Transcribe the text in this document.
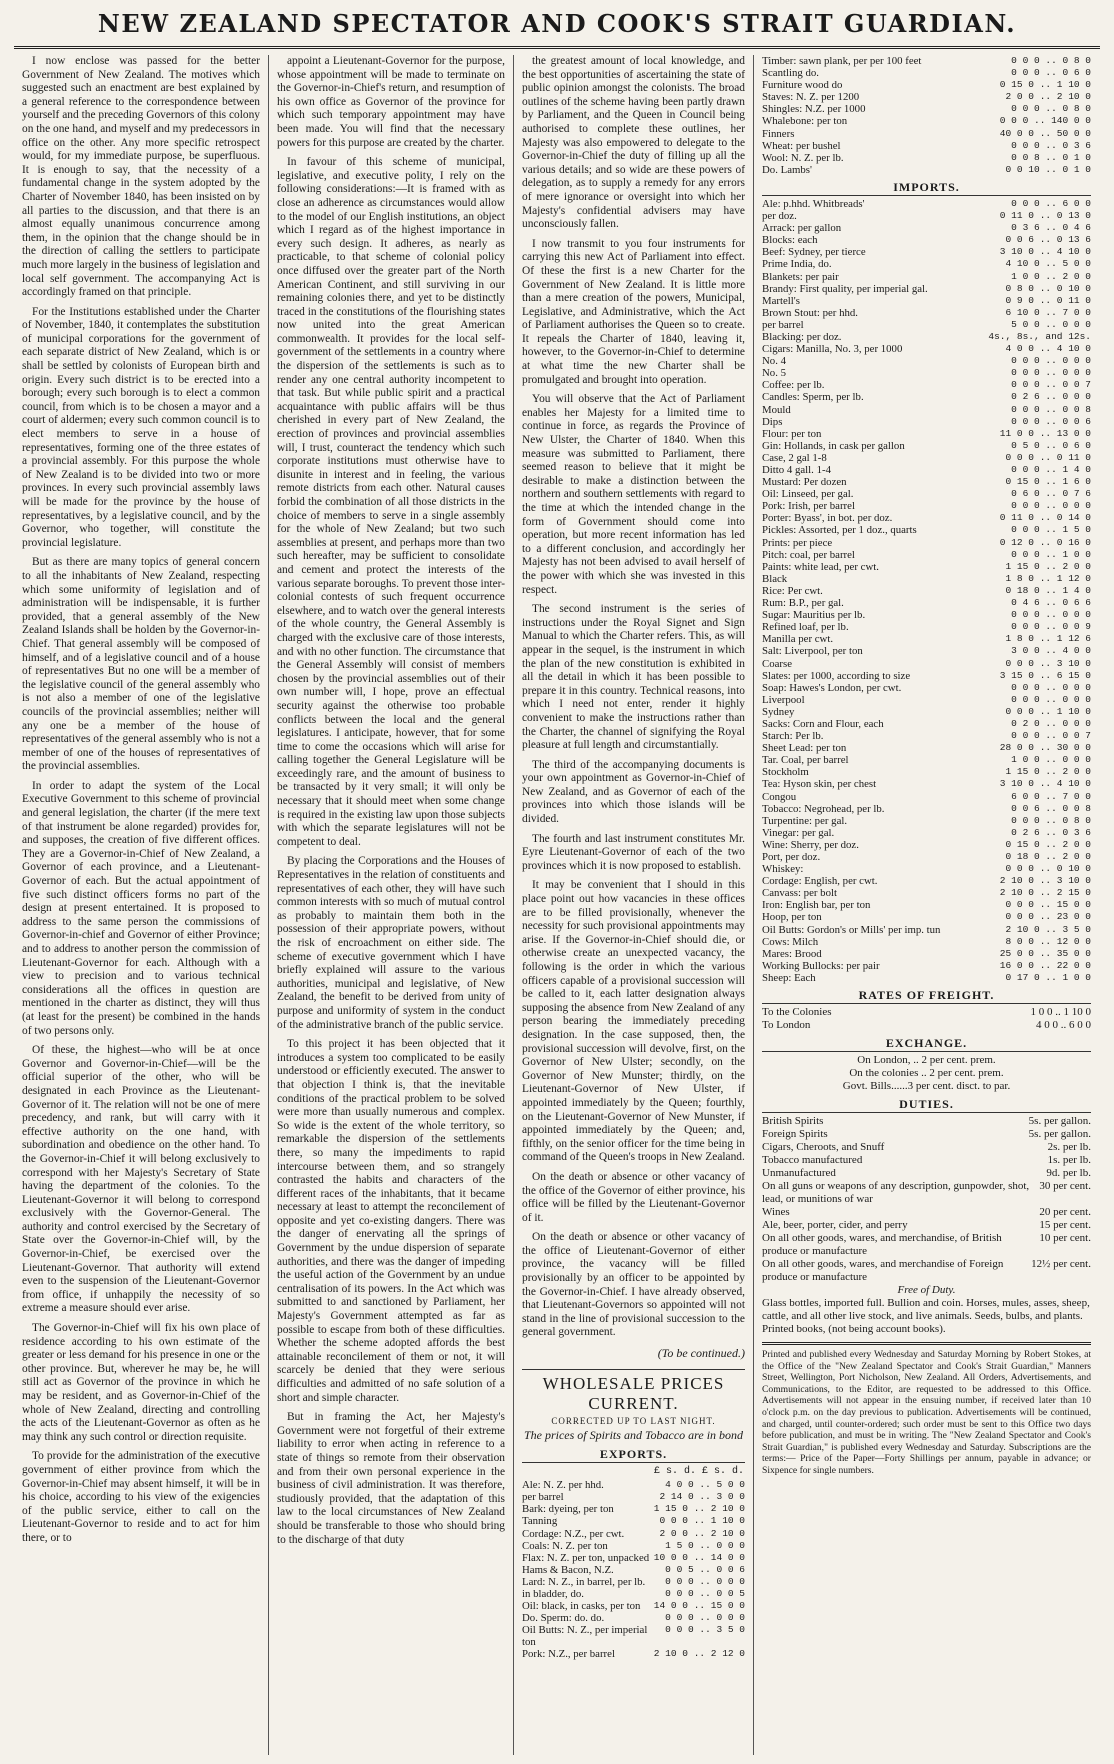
NEW ZEALAND SPECTATOR AND COOK'S STRAIT GUARDIAN.

I now enclose was passed for the better Government of New Zealand. The motives which suggested such an enactment are best explained by a general reference to the correspondence between yourself and the preceding Governors of this colony on the one hand, and myself and my predecessors in office on the other. Any more specific retrospect would, for my immediate purpose, be superfluous. It is enough to say, that the necessity of a fundamental change in the system adopted by the Charter of November 1840, has been insisted on by all parties to the discussion, and that there is an almost equally unanimous concurrence among them, in the opinion that the change should be in the direction of calling the settlers to participate much more largely in the business of legislation and local self government. The accompanying Act is accordingly framed on that principle.

For the Institutions established under the Charter of November, 1840, it contemplates the substitution of municipal corporations for the government of each separate district of New Zealand, which is or shall be settled by colonists of European birth and origin. Every such district is to be erected into a borough; every such borough is to elect a common council, from which is to be chosen a mayor and a court of aldermen; every such common council is to elect members to serve in a house of representatives, forming one of the three estates of a provincial assembly. For this purpose the whole of New Zealand is to be divided into two or more provinces. In every such provincial assembly laws will be made for the province by the house of representatives, by a legislative council, and by the Governor, who together, will constitute the provincial legislature.

But as there are many topics of general concern to all the inhabitants of New Zealand, respecting which some uniformity of legislation and of administration will be indispensable, it is further provided, that a general assembly of the New Zealand Islands shall be holden by the Governor-in-Chief. That general assembly will be composed of himself, and of a legislative council and of a house of representatives But no one will be a member of the legislative council of the general assembly who is not also a member of one of the legislative councils of the provincial assemblies; neither will any one be a member of the house of representatives of the general assembly who is not a member of one of the houses of representatives of the provincial assemblies.

In order to adapt the system of the Local Executive Government to this scheme of provincial and general legislation, the charter (if the mere text of that instrument be alone regarded) provides for, and supposes, the creation of five different offices. They are a Governor-in-Chief of New Zealand, a Governor of each province, and a Lieutenant-Governor of each. But the actual appointment of five such distinct officers forms no part of the design at present entertained. It is proposed to address to the same person the commissions of Governor-in-chief and Governor of either Province; and to address to another person the commission of Lieutenant-Governor for each. Although with a view to precision and to various technical considerations all the offices in question are mentioned in the charter as distinct, they will thus (at least for the present) be combined in the hands of two persons only.

Of these, the highest—who will be at once Governor and Governor-in-Chief—will be the official superior of the other, who will be designated in each Province as the Lieutenant-Governor of it. The relation will not be one of mere precedency, and rank, but will carry with it effective authority on the one hand, with subordination and obedience on the other hand. To the Governor-in-Chief it will belong exclusively to correspond with her Majesty's Secretary of State having the department of the colonies. To the Lieutenant-Governor it will belong to correspond exclusively with the Governor-General. The authority and control exercised by the Secretary of State over the Governor-in-Chief will, by the Governor-in-Chief, be exercised over the Lieutenant-Governor. That authority will extend even to the suspension of the Lieutenant-Governor from office, if unhappily the necessity of so extreme a measure should ever arise.

The Governor-in-Chief will fix his own place of residence according to his own estimate of the greater or less demand for his presence in one or the other province. But, wherever he may be, he will still act as Governor of the province in which he may be resident, and as Governor-in-Chief of the whole of New Zealand, directing and controlling the acts of the Lieutenant-Governor as often as he may think any such control or direction requisite.

To provide for the administration of the executive government of either province from which the Governor-in-Chief may absent himself, it will be in his choice, according to his view of the exigencies of the public service, either to call on the Lieutenant-Governor to reside and to act for him there, or to

appoint a Lieutenant-Governor for the purpose, whose appointment will be made to terminate on the Governor-in-Chief's return, and resumption of his own office as Governor of the province for which such temporary appointment may have been made. You will find that the necessary powers for this purpose are created by the charter.

In favour of this scheme of municipal, legislative, and executive polity, I rely on the following considerations:—It is framed with as close an adherence as circumstances would allow to the model of our English institutions, an object which I regard as of the highest importance in every such design. It adheres, as nearly as practicable, to that scheme of colonial policy once diffused over the greater part of the North American Continent, and still surviving in our remaining colonies there, and yet to be distinctly traced in the constitutions of the flourishing states now united into the great American commonwealth. It provides for the local self-government of the settlements in a country where the dispersion of the settlements is such as to render any one central authority incompetent to that task. But while public spirit and a practical acquaintance with public affairs will be thus cherished in every part of New Zealand, the erection of provinces and provincial assemblies will, I trust, counteract the tendency which such corporate institutions must otherwise have to disunite in interest and in feeling, the various remote districts from each other. Natural causes forbid the combination of all those districts in the choice of members to serve in a single assembly for the whole of New Zealand; but two such assemblies at present, and perhaps more than two such hereafter, may be sufficient to consolidate and cement and protect the interests of the various separate boroughs. To prevent those inter-colonial contests of such frequent occurrence elsewhere, and to watch over the general interests of the whole country, the General Assembly is charged with the exclusive care of those interests, and with no other function. The circumstance that the General Assembly will consist of members chosen by the provincial assemblies out of their own number will, I hope, prove an effectual security against the otherwise too probable conflicts between the local and the general legislatures. I anticipate, however, that for some time to come the occasions which will arise for calling together the General Legislature will be exceedingly rare, and the amount of business to be transacted by it very small; it will only be necessary that it should meet when some change is required in the existing law upon those subjects with which the separate legislatures will not be competent to deal.

By placing the Corporations and the Houses of Representatives in the relation of constituents and representatives of each other, they will have such common interests with so much of mutual control as probably to maintain them both in the possession of their appropriate powers, without the risk of encroachment on either side. The scheme of executive government which I have briefly explained will assure to the various authorities, municipal and legislative, of New Zealand, the benefit to be derived from unity of purpose and uniformity of system in the conduct of the administrative branch of the public service.

To this project it has been objected that it introduces a system too complicated to be easily understood or efficiently executed. The answer to that objection I think is, that the inevitable conditions of the practical problem to be solved were more than usually numerous and complex. So wide is the extent of the whole territory, so remarkable the dispersion of the settlements there, so many the impediments to rapid intercourse between them, and so strangely contrasted the habits and characters of the different races of the inhabitants, that it became necessary at least to attempt the reconcilement of opposite and yet co-existing dangers. There was the danger of enervating all the springs of Government by the undue dispersion of separate authorities, and there was the danger of impeding the useful action of the Government by an undue centralisation of its powers. In the Act which was submitted to and sanctioned by Parliament, her Majesty's Government attempted as far as possible to escape from both of these difficulties. Whether the scheme adopted affords the best attainable reconcilement of them or not, it will scarcely be denied that they were serious difficulties and admitted of no safe solution of a short and simple character.

But in framing the Act, her Majesty's Government were not forgetful of their extreme liability to error when acting in reference to a state of things so remote from their observation and from their own personal experience in the business of civil administration. It was therefore, studiously provided, that the adaptation of this law to the local circumstances of New Zealand should be transferable to those who should bring to the discharge of that duty

the greatest amount of local knowledge, and the best opportunities of ascertaining the state of public opinion amongst the colonists. The broad outlines of the scheme having been partly drawn by Parliament, and the Queen in Council being authorised to complete these outlines, her Majesty was also empowered to delegate to the Governor-in-Chief the duty of filling up all the various details; and so wide are these powers of delegation, as to supply a remedy for any errors of mere ignorance or oversight into which her Majesty's confidential advisers may have unconsciously fallen.

I now transmit to you four instruments for carrying this new Act of Parliament into effect. Of these the first is a new Charter for the Government of New Zealand. It is little more than a mere creation of the powers, Municipal, Legislative, and Administrative, which the Act of Parliament authorises the Queen so to create. It repeals the Charter of 1840, leaving it, however, to the Governor-in-Chief to determine at what time the new Charter shall be promulgated and brought into operation.

You will observe that the Act of Parliament enables her Majesty for a limited time to continue in force, as regards the Province of New Ulster, the Charter of 1840. When this measure was submitted to Parliament, there seemed reason to believe that it might be desirable to make a distinction between the northern and southern settlements with regard to the time at which the intended change in the form of Government should come into operation, but more recent information has led to a different conclusion, and accordingly her Majesty has not been advised to avail herself of the power with which she was invested in this respect.

The second instrument is the series of instructions under the Royal Signet and Sign Manual to which the Charter refers. This, as will appear in the sequel, is the instrument in which the plan of the new constitution is exhibited in all the detail in which it has been possible to prepare it in this country. Technical reasons, into which I need not enter, render it highly convenient to make the instructions rather than the Charter, the channel of signifying the Royal pleasure at full length and circumstantially.

The third of the accompanying documents is your own appointment as Governor-in-Chief of New Zealand, and as Governor of each of the provinces into which those islands will be divided.

The fourth and last instrument constitutes Mr. Eyre Lieutenant-Governor of each of the two provinces which it is now proposed to establish.

It may be convenient that I should in this place point out how vacancies in these offices are to be filled provisionally, whenever the necessity for such provisional appointments may arise. If the Governor-in-Chief should die, or otherwise create an unexpected vacancy, the following is the order in which the various officers capable of a provisional succession will be called to it, each latter designation always supposing the absence from New Zealand of any person bearing the immediately preceding designation. In the case supposed, then, the provisional succession will devolve, first, on the Governor of New Ulster; secondly, on the Governor of New Munster; thirdly, on the Lieutenant-Governor of New Ulster, if appointed immediately by the Queen; fourthly, on the Lieutenant-Governor of New Munster, if appointed immediately by the Queen; and, fifthly, on the senior officer for the time being in command of the Queen's troops in New Zealand.

On the death or absence or other vacancy of the office of the Governor of either province, his office will be filled by the Lieutenant-Governor of it.

On the death or absence or other vacancy of the office of Lieutenant-Governor of either province, the vacancy will be filled provisionally by an officer to be appointed by the Governor-in-Chief. I have already observed, that Lieutenant-Governors so appointed will not stand in the line of provisional succession to the general government.

(To be continued.)
WHOLESALE PRICES CURRENT.
CORRECTED UP TO LAST NIGHT.
The prices of Spirits and Tobacco are in bond
EXPORTS.
£ s. d. £ s. d.	
Ale: N. Z. per hhd.	4 0 0 .. 5 0 0
per barrel	2 14 0 .. 3 0 0
Bark: dyeing, per ton	1 15 0 .. 2 10 0
Tanning	0 0 0 .. 1 10 0
Cordage: N.Z., per cwt.	2 0 0 .. 2 10 0
Coals: N. Z. per ton	1 5 0 .. 0 0 0
Flax: N. Z. per ton, unpacked	10 0 0 .. 14 0 0
Hams & Bacon, N.Z.	0 0 5 .. 0 0 6
Lard: N. Z., in barrel, per lb.	0 0 0 .. 0 0 0
in bladder, do.	0 0 0 .. 0 0 5
Oil: black, in casks, per ton	14 0 0 .. 15 0 0
Do. Sperm: do. do.	0 0 0 .. 0 0 0
Oil Butts: N. Z., per imperial ton	0 0 0 .. 3 5 0
Pork: N.Z., per barrel	2 10 0 .. 2 12 0
Timber: sawn plank, per per 100 feet	0 0 0 .. 0 8 0
Scantling do.	0 0 0 .. 0 6 0
Furniture wood do	0 15 0 .. 1 10 0
Staves: N. Z. per 1200	2 0 0 .. 2 10 0
Shingles: N.Z. per 1000	0 0 0 .. 0 8 0
Whalebone: per ton	0 0 0 .. 140 0 0
Finners	40 0 0 .. 50 0 0
Wheat: per bushel	0 0 0 .. 0 3 6
Wool: N. Z. per lb.	0 0 8 .. 0 1 0
Do. Lambs'	0 0 10 .. 0 1 0
IMPORTS.
Ale: p.hhd. Whitbreads'	0 0 0 .. 6 0 0
per doz.	0 11 0 .. 0 13 0
Arrack: per gallon	0 3 6 .. 0 4 6
Blocks: each	0 0 6 .. 0 13 6
Beef: Sydney, per tierce	3 10 0 .. 4 10 0
Prime India, do.	4 10 0 .. 5 0 0
Blankets: per pair	1 0 0 .. 2 0 0
Brandy: First quality, per imperial gal.	0 8 0 .. 0 10 0
Martell's	0 9 0 .. 0 11 0
Brown Stout: per hhd.	6 10 0 .. 7 0 0
per barrel	5 0 0 .. 0 0 0
Blacking: per doz.	4s., 8s., and 12s.
Cigars: Manilla, No. 3, per 1000	4 0 0 .. 4 10 0
No. 4	0 0 0 .. 0 0 0
No. 5	0 0 0 .. 0 0 0
Coffee: per lb.	0 0 0 .. 0 0 7
Candles: Sperm, per lb.	0 2 6 .. 0 0 0
Mould	0 0 0 .. 0 0 8
Dips	0 0 0 .. 0 0 6
Flour: per ton	11 0 0 .. 13 0 0
Gin: Hollands, in cask per gallon	0 5 0 .. 0 6 0
Case, 2 gal 1-8	0 0 0 .. 0 11 0
Ditto 4 gall. 1-4	0 0 0 .. 1 4 0
Mustard: Per dozen	0 15 0 .. 1 6 0
Oil: Linseed, per gal.	0 6 0 .. 0 7 6
Pork: Irish, per barrel	0 0 0 .. 0 0 0
Porter: Byass', in bot. per doz.	0 11 0 .. 0 14 0
Pickles: Assorted, per 1 doz., quarts	0 0 0 .. 1 5 0
Prints: per piece	0 12 0 .. 0 16 0
Pitch: coal, per barrel	0 0 0 .. 1 0 0
Paints: white lead, per cwt.	1 15 0 .. 2 0 0
Black	1 8 0 .. 1 12 0
Rice: Per cwt.	0 18 0 .. 1 4 0
Rum: B.P., per gal.	0 4 6 .. 0 6 6
Sugar: Mauritius per lb.	0 0 0 .. 0 0 0
Refined loaf, per lb.	0 0 0 .. 0 0 9
Manilla per cwt.	1 8 0 .. 1 12 6
Salt: Liverpool, per ton	3 0 0 .. 4 0 0
Coarse	0 0 0 .. 3 10 0
Slates: per 1000, according to size	3 15 0 .. 6 15 0
Soap: Hawes's London, per cwt.	0 0 0 .. 0 0 0
Liverpool	0 0 0 .. 0 0 0
Sydney	0 0 0 .. 1 10 0
Sacks: Corn and Flour, each	0 2 0 .. 0 0 0
Starch: Per lb.	0 0 0 .. 0 0 7
Sheet Lead: per ton	28 0 0 .. 30 0 0
Tar. Coal, per barrel	1 0 0 .. 0 0 0
Stockholm	1 15 0 .. 2 0 0
Tea: Hyson skin, per chest	3 10 0 .. 4 10 0
Congou	6 0 0 .. 7 0 0
Tobacco: Negrohead, per lb.	0 0 6 .. 0 0 8
Turpentine: per gal.	0 0 0 .. 0 8 0
Vinegar: per gal.	0 2 6 .. 0 3 6
Wine: Sherry, per doz.	0 15 0 .. 2 0 0
Port, per doz.	0 18 0 .. 2 0 0
Whiskey:	0 0 0 .. 0 10 0
Cordage: English, per cwt.	2 10 0 .. 3 10 0
Canvass: per bolt	2 10 0 .. 2 15 0
Iron: English bar, per ton	0 0 0 .. 15 0 0
Hoop, per ton	0 0 0 .. 23 0 0
Oil Butts: Gordon's or Mills' per imp. tun	2 10 0 .. 3 5 0
Cows: Milch	8 0 0 .. 12 0 0
Mares: Brood	25 0 0 .. 35 0 0
Working Bullocks: per pair	16 0 0 .. 22 0 0
Sheep: Each	0 17 0 .. 1 0 0
RATES OF FREIGHT.
To the Colonies	1 0 0 .. 1 10 0
To London	4 0 0 .. 6 0 0
EXCHANGE.
On London, .. 2 per cent. prem.
On the colonies .. 2 per cent. prem.
Govt. Bills......3 per cent. disct. to par.
DUTIES.
British Spirits	5s. per gallon.
Foreign Spirits	5s. per gallon.
Cigars, Cheroots, and Snuff	2s. per lb.
Tobacco manufactured	1s. per lb.
Unmanufactured	9d. per lb.
On all guns or weapons of any description, gunpowder, shot, lead, or munitions of war
30 per cent.
Wines	20 per cent.
Ale, beer, porter, cider, and perry	15 per cent.
On all other goods, wares, and merchandise, of British produce or manufacture
10 per cent.
On all other goods, wares, and merchandise of Foreign produce or manufacture
12½ per cent.
Free of Duty.
Glass bottles, imported full. Bullion and coin. Horses, mules, asses, sheep, cattle, and all other live stock, and live animals. Seeds, bulbs, and plants. Printed books, (not being account books).
Printed and published every Wednesday and Saturday Morning by Robert Stokes, at the Office of the "New Zealand Spectator and Cook's Strait Guardian," Manners Street, Wellington, Port Nicholson, New Zealand. All Orders, Advertisements, and Communications, to the Editor, are requested to be addressed to this Office. Advertisements will not appear in the ensuing number, if received later than 10 o'clock p.m. on the day previous to publication. Advertisements will be continued, and charged, until counter-ordered; such order must be sent to this Office two days before publication, and must be in writing. The "New Zealand Spectator and Cook's Strait Guardian," is published every Wednesday and Saturday. Subscriptions are the terms:— Price of the Paper—Forty Shillings per annum, payable in advance; or Sixpence for single numbers.
